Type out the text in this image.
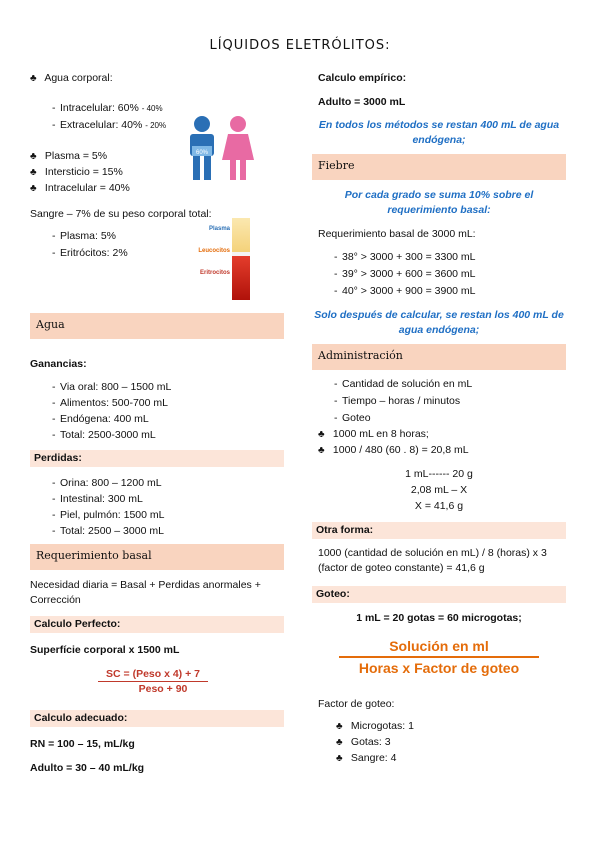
LÍQUIDOS ELETRÓLITOS:
♣ Agua corporal:
- Intracelular: 60% - 40%
- Extracelular: 40% - 20%
♣ Plasma = 5%
♣ Intersticio = 15%
♣ Intracelular = 40%
60%
Sangre – 7% de su peso corporal total:
- Plasma: 5%
- Eritrócitos: 2%
Plasma
Leucocitos
Eritrocitos
Agua
Ganancias:
- Via oral: 800 – 1500 mL
- Alimentos: 500-700 mL
- Endógena: 400 mL
- Total: 2500-3000 mL
Perdidas:
- Orina: 800 – 1200 mL
- Intestinal: 300 mL
- Piel, pulmón: 1500 mL
- Total: 2500 – 3000 mL
Requerimiento basal
Necesidad diaria = Basal + Perdidas anormales + Corrección
Calculo Perfecto:
Superfície corporal x 1500 mL
SC = (Peso x 4) + 7
Peso + 90
Calculo adecuado:
RN = 100 – 15, mL/kg
Adulto = 30 – 40 mL/kg
Calculo empírico:
Adulto = 3000 mL
En todos los métodos se restan 400 mL de agua endógena;
Fiebre
Por cada grado se suma 10% sobre el requerimiento basal:
Requerimiento basal de 3000 mL:
- 38° > 3000 + 300 = 3300 mL
- 39° > 3000 + 600 = 3600 mL
- 40° > 3000 + 900 = 3900 mL
Solo después de calcular, se restan los 400 mL de agua endógena;
Administración
- Cantidad de solución en mL
- Tiempo – horas / minutos
- Goteo
♣ 1000 mL en 8 horas;
♣ 1000 / 480 (60 . 8) = 20,8 mL
1 mL------ 20 g
2,08 mL – X
X = 41,6 g
Otra forma:
1000 (cantidad de solución en mL) / 8 (horas) x 3 (factor de goteo constante) = 41,6 g
Goteo:
1 mL = 20 gotas = 60 microgotas;
Solución en ml
Horas x Factor de goteo
Factor de goteo:
♣ Microgotas: 1
♣ Gotas: 3
♣ Sangre: 4
